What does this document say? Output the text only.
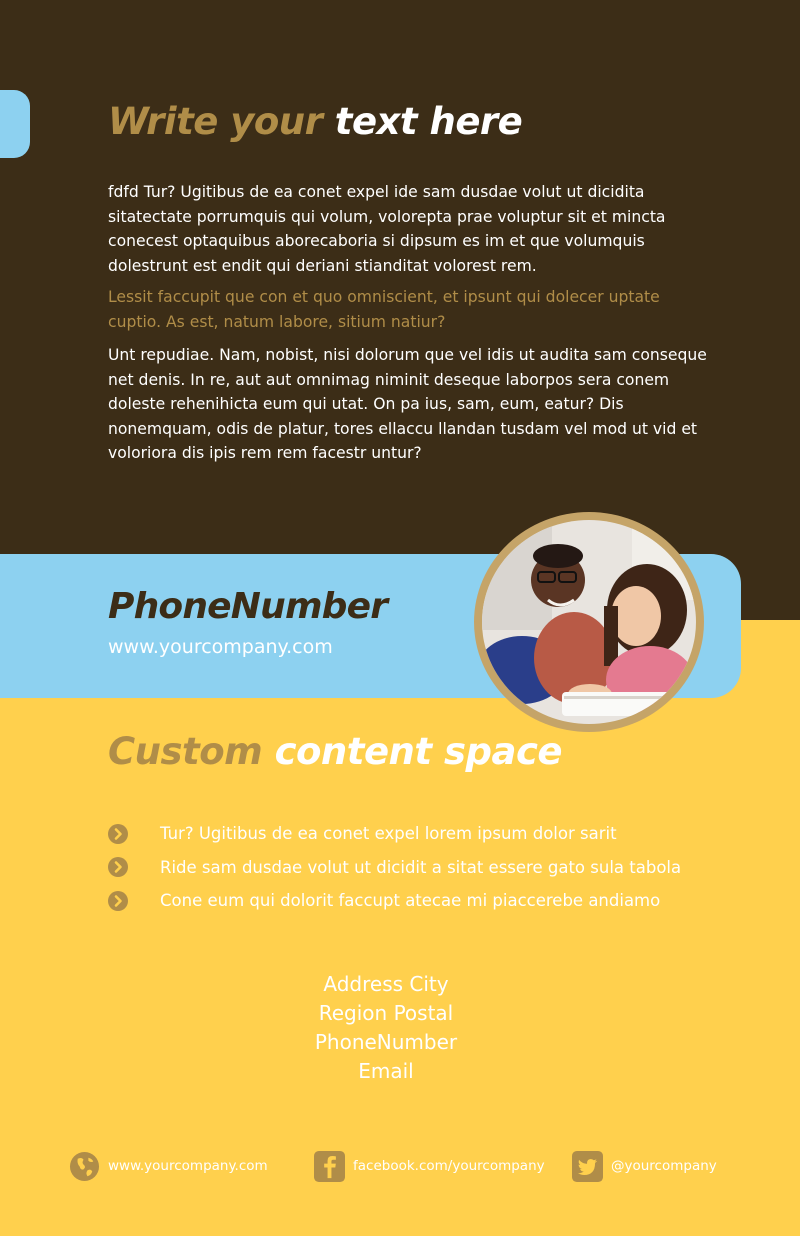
Write your text here

fdfd Tur? Ugitibus de ea conet expel ide sam dusdae volut ut dicidita sitatectate porrumquis qui volum, volorepta prae voluptur sit et mincta conecest optaquibus aborecaboria si dipsum es im et que volumquis dolestrunt est endit qui deriani stianditat volorest rem.

Lessit faccupit que con et quo omniscient, et ipsunt qui dolecer uptate cuptio. As est, natum labore, sitium natiur?

Unt repudiae. Nam, nobist, nisi dolorum que vel idis ut audita sam conseque net denis. In re, aut aut omnimag niminit deseque laborpos sera conem doleste rehenihicta eum qui utat. On pa ius, sam, eum, eatur? Dis nonemquam, odis de platur, tores ellaccu llandan tusdam vel mod ut vid et voloriora dis ipis rem rem facestr untur?

PhoneNumber
www.yourcompany.com
Custom content space
Tur? Ugitibus de ea conet expel lorem ipsum dolor sarit
Ride sam dusdae volut ut dicidit a sitat essere gato sula tabola
Cone eum qui dolorit faccupt atecae mi piaccerebe andiamo
Address City
Region Postal
PhoneNumber
Email
www.yourcompany.com	facebook.com/yourcompany	@yourcompany
